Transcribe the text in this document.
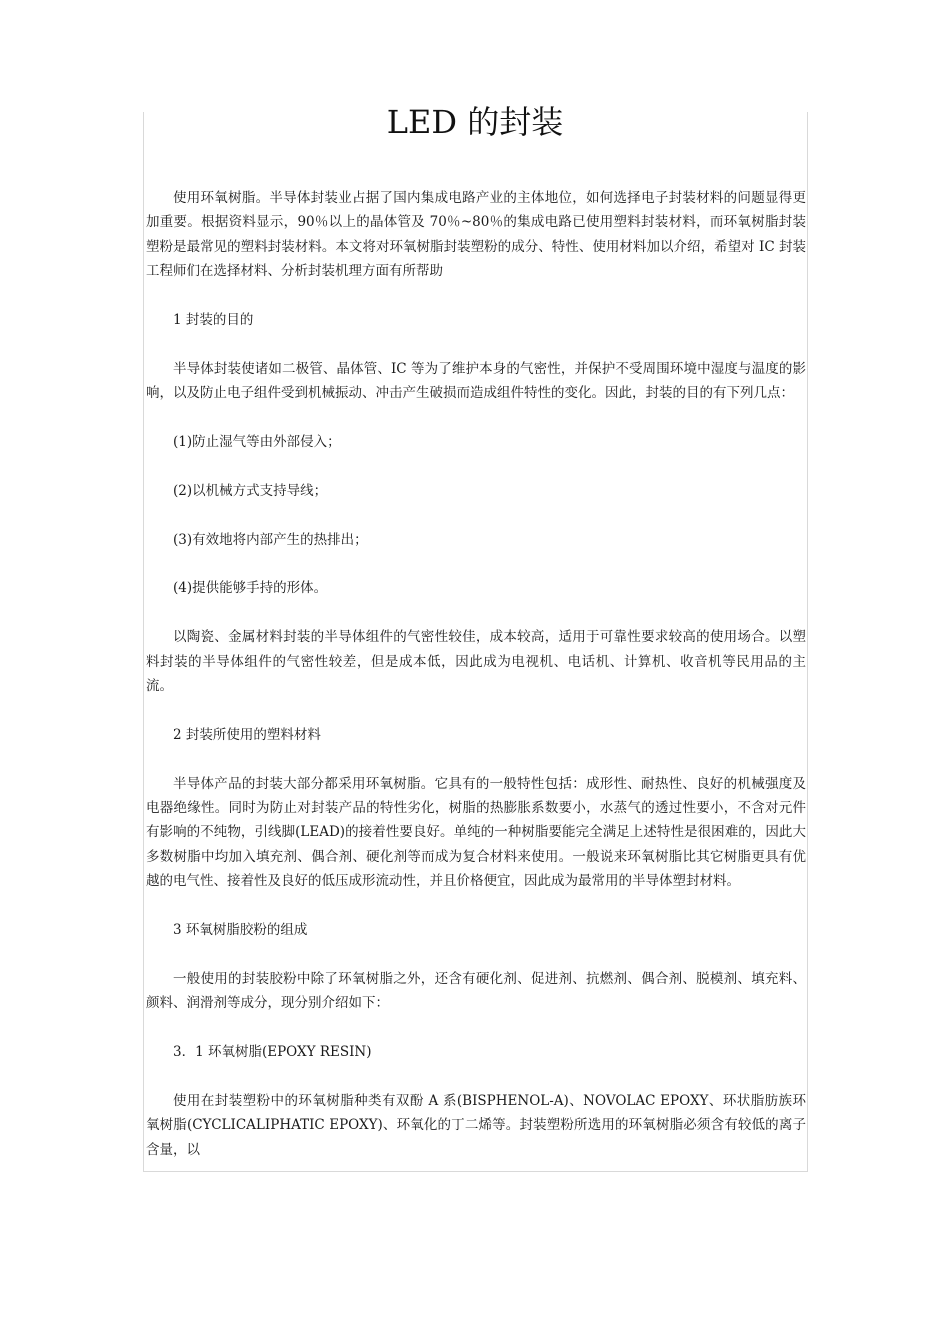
LED 的封装

使用环氧树脂。半导体封装业占据了国内集成电路产业的主体地位，如何选择电子封装材料的问题显得更加重要。根据资料显示，90％以上的晶体管及 70％~80％的集成电路已使用塑料封装材料，而环氧树脂封装塑粉是最常见的塑料封装材料。本文将对环氧树脂封装塑粉的成分、特性、使用材料加以介绍，希望对 IC 封装工程师们在选择材料、分析封装机理方面有所帮助

1 封装的目的

半导体封装使诸如二极管、晶体管、IC 等为了维护本身的气密性，并保护不受周围环境中湿度与温度的影响，以及防止电子组件受到机械振动、冲击产生破损而造成组件特性的变化。因此，封装的目的有下列几点：

(1)防止湿气等由外部侵入；

(2)以机械方式支持导线；

(3)有效地将内部产生的热排出；

(4)提供能够手持的形体。

以陶瓷、金属材料封装的半导体组件的气密性较佳，成本较高，适用于可靠性要求较高的使用场合。以塑料封装的半导体组件的气密性较差，但是成本低，因此成为电视机、电话机、计算机、收音机等民用品的主流。

2 封装所使用的塑料材料

半导体产品的封装大部分都采用环氧树脂。它具有的一般特性包括：成形性、耐热性、良好的机械强度及电器绝缘性。同时为防止对封装产品的特性劣化，树脂的热膨胀系数要小，水蒸气的透过性要小，不含对元件有影响的不纯物，引线脚(LEAD)的接着性要良好。单纯的一种树脂要能完全满足上述特性是很困难的，因此大多数树脂中均加入填充剂、偶合剂、硬化剂等而成为复合材料来使用。一般说来环氧树脂比其它树脂更具有优越的电气性、接着性及良好的低压成形流动性，并且价格便宜，因此成为最常用的半导体塑封材料。

3 环氧树脂胶粉的组成

一般使用的封装胶粉中除了环氧树脂之外，还含有硬化剂、促进剂、抗燃剂、偶合剂、脱模剂、填充料、颜料、润滑剂等成分，现分别介绍如下：

3．1 环氧树脂(EPOXY RESIN)

使用在封装塑粉中的环氧树脂种类有双酚 A 系(BISPHENOL-A)、NOVOLAC EPOXY、环状脂肪族环氧树脂(CYCLICALIPHATIC EPOXY)、环氧化的丁二烯等。封装塑粉所选用的环氧树脂必须含有较低的离子含量，以
